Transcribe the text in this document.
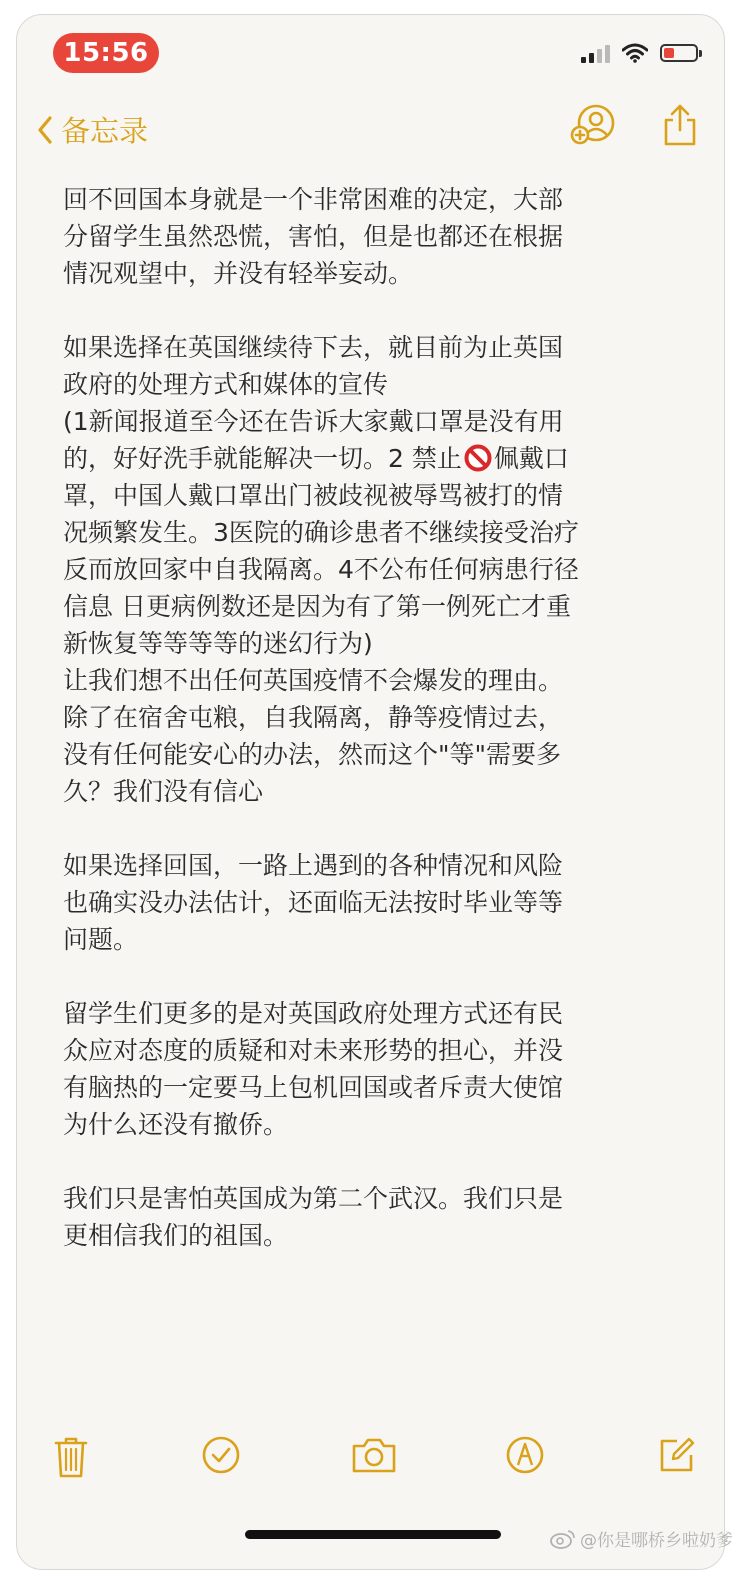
15:56
备忘录

回不回国本身就是一个非常困难的决定，大部
分留学生虽然恐慌，害怕，但是也都还在根据
情况观望中，并没有轻举妄动。

如果选择在英国继续待下去，就目前为止英国
政府的处理方式和媒体的宣传
(1新闻报道至今还在告诉大家戴口罩是没有用
的，好好洗手就能解决一切。2 禁止 佩戴口
罩，中国人戴口罩出门被歧视被辱骂被打的情
况频繁发生。3医院的确诊患者不继续接受治疗
反而放回家中自我隔离。4不公布任何病患行径
信息 日更病例数还是因为有了第一例死亡才重
新恢复等等等等的迷幻行为)
让我们想不出任何英国疫情不会爆发的理由。
除了在宿舍屯粮，自我隔离，静等疫情过去，
没有任何能安心的办法，然而这个"等"需要多
久？我们没有信心

如果选择回国，一路上遇到的各种情况和风险
也确实没办法估计，还面临无法按时毕业等等
问题。

留学生们更多的是对英国政府处理方式还有民
众应对态度的质疑和对未来形势的担心，并没
有脑热的一定要马上包机回国或者斥责大使馆
为什么还没有撤侨。

我们只是害怕英国成为第二个武汉。我们只是
更相信我们的祖国。

@你是哪桥乡啦奶爹
